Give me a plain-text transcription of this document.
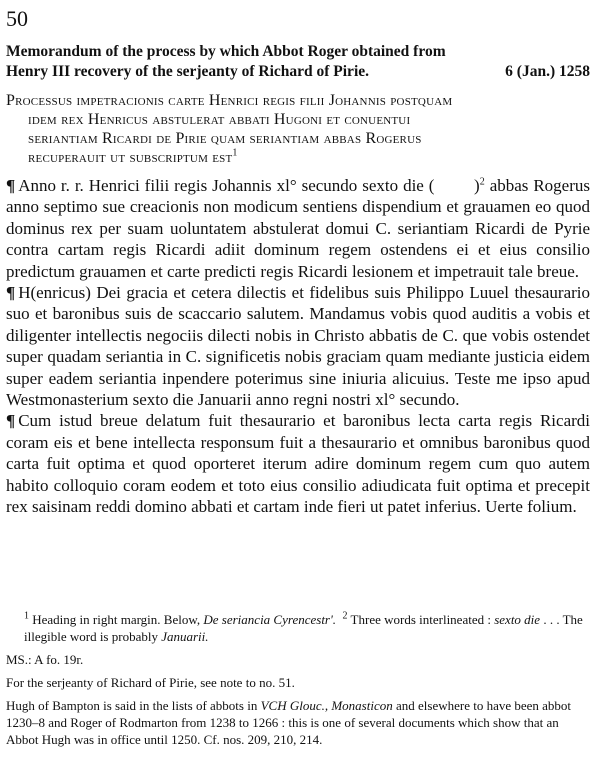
50
Memorandum of the process by which Abbot Roger obtained from
Henry III recovery of the serjeanty of Richard of Pirie.	6 (Jan.) 1258
Processus impetracionis carte Henrici regis filii Johannis postquam
idem rex Henricus abstulerat abbati Hugoni et conuentui
seriantiam Ricardi de Pirie quam seriantiam abbas Rogerus
recuperauit ut subscriptum est$^1$

¶ Anno r. r. Henrici filii regis Johannis xl° secundo sexto die (        )$^2$ abbas Rogerus anno septimo sue creacionis non modicum sentiens dispendium et grauamen eo quod dominus rex per suam uoluntatem abstulerat domui C. seriantiam Ricardi de Pyrie contra cartam regis Ricardi adiit dominum regem ostendens ei et eius consilio predictum grauamen et carte predicti regis Ricardi lesionem et impetrauit tale breue.

¶ H(enricus) Dei gracia et cetera dilectis et fidelibus suis Philippo Luuel thesaurario suo et baronibus suis de scaccario salutem. Mandamus vobis quod auditis a vobis et diligenter intellectis negociis dilecti nobis in Christo abbatis de C. que vobis ostendet super quadam seriantia in C. significetis nobis graciam quam mediante justicia eidem super eadem seriantia inpendere poterimus sine iniuria alicuius. Teste me ipso apud Westmonasterium sexto die Januarii anno regni nostri xl° secundo.

¶ Cum istud breue delatum fuit thesaurario et baronibus lecta carta regis Ricardi coram eis et bene intellecta responsum fuit a thesaurario et omnibus baronibus quod carta fuit optima et quod oporteret iterum adire dominum regem cum quo autem habito colloquio coram eodem et toto eius consilio adiudicata fuit optima et precepit rex saisinam reddi domino abbati et cartam inde fieri ut patet inferius. Uerte folium.

$^1$ Heading in right margin. Below, De seriancia Cyrencestr'. $^2$ Three words interlineated : sexto die . . . The illegible word is probably Januarii.

MS.: A fo. 19r.

For the serjeanty of Richard of Pirie, see note to no. 51.

Hugh of Bampton is said in the lists of abbots in VCH Glouc., Monasticon and elsewhere to have been abbot 1230–8 and Roger of Rodmarton from 1238 to 1266 : this is one of several documents which show that an Abbot Hugh was in office until 1250. Cf. nos. 209, 210, 214.
